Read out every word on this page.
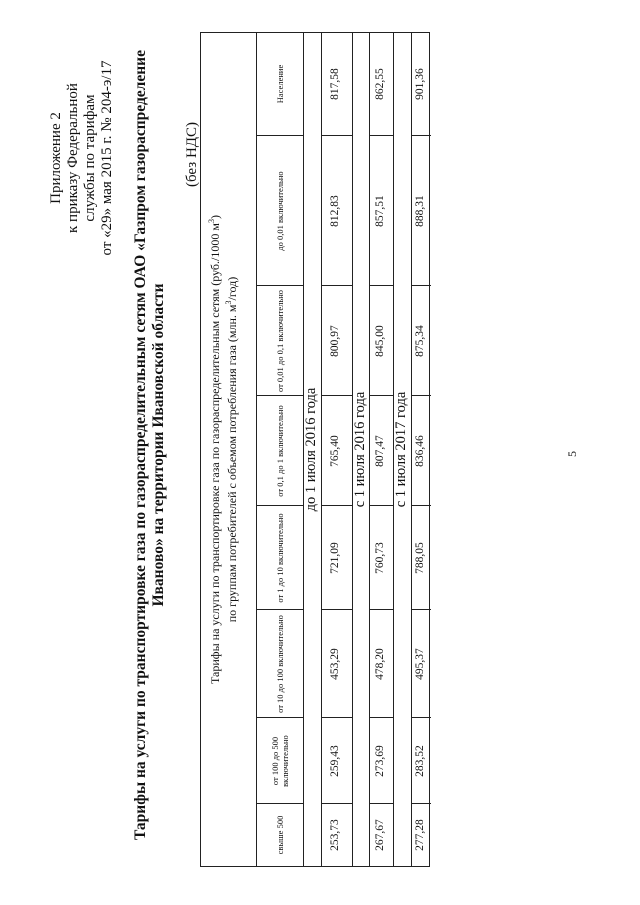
Приложение 2 к приказу Федеральной службы по тарифам от «29» мая 2015 г. № 204-э/17 Тарифы на услуги по транспортировке газа по газораспределительным сетям ОАО «Газпром газораспределение Иваново» на территории Ивановской области
(без НДС)
Тарифы на услуги по транспортировке газа по газораспределительным сетям (руб./1000 $м^3$)
по группам потребителей с объемом потребления газа (млн. $м^3/год$)
свыше 500
от 100 до 500 включительно
от 10 до 100 включительно
от 1 до 10 включительно
от 0,1 до 1 включительно
от 0,01 до 0,1 включительно
до 0,01 включительно
Население
до 1 июля 2016 года
253,73
259,43
453,29
721,09
765,40
800,97
812,83
817,58
с 1 июля 2016 года
267,67
273,69
478,20
760,73
807,47
845,00
857,51
862,55
с 1 июля 2017 года
277,28
283,52
495,37
788,05
836,46
875,34
888,31
901,36
5
